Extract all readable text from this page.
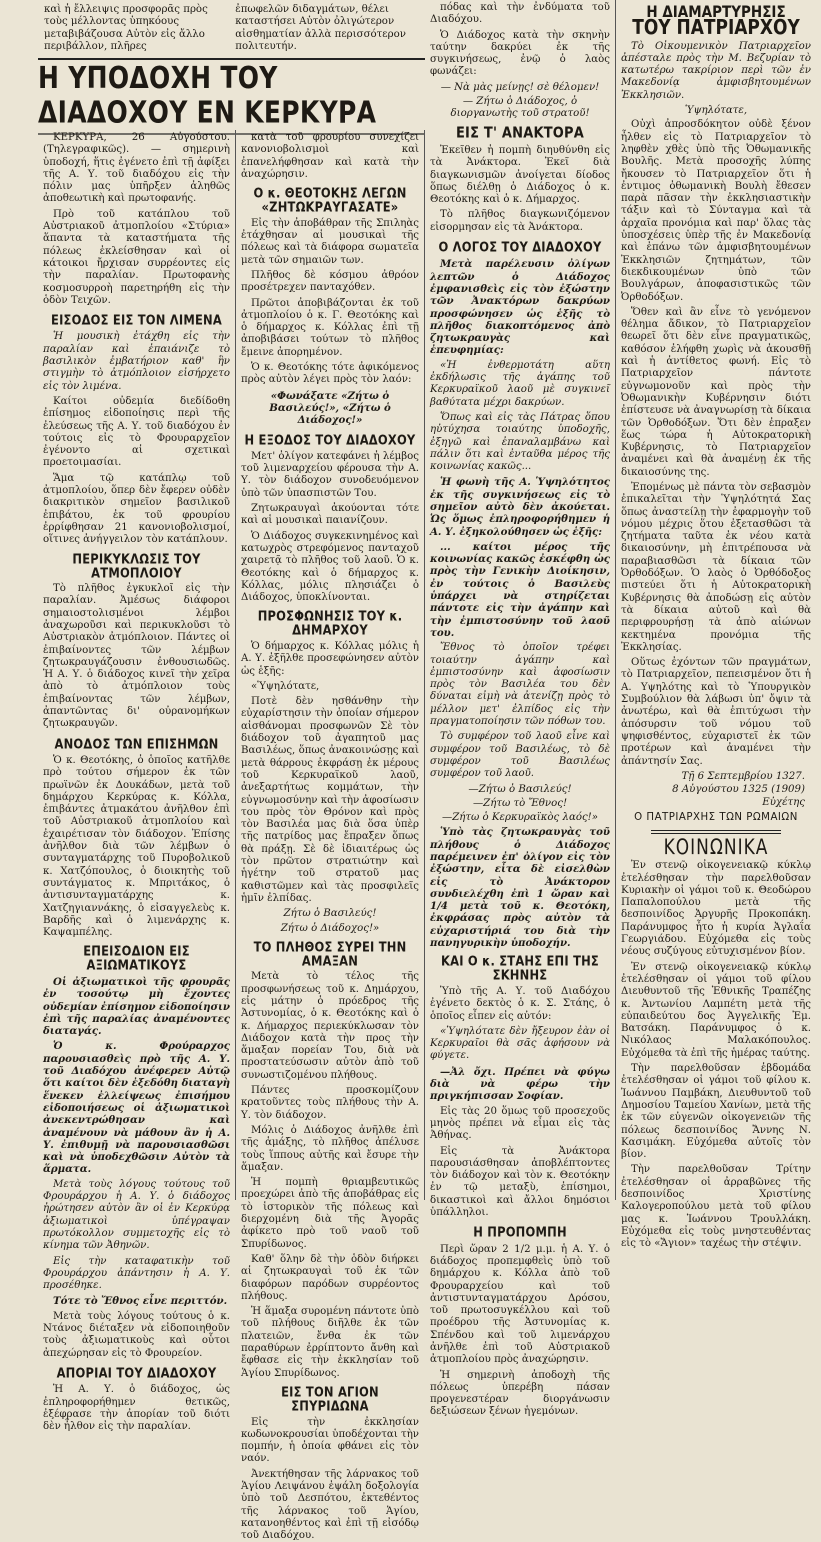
καὶ ἡ ἔλλειψις προσφορᾶς πρὸς τοὺς μέλλοντας ὑπηκόους μεταβιβάζουσα Αὐτὸν εἰς ἄλλο περιβάλλον, πλῆρεςἐπωφελῶν διδαγμάτων, θέλει καταστήσει Αὐτὸν ὀλιγώτερον αἰσθηματίαν ἀλλὰ περισσότερον πολιτευτήν.
Η ΥΠΟΔΟΧΗ ΤΟΥ ΔΙΑΔΟΧΟΥ ΕΝ ΚΕΡΚΥΡΑ

ΚΕΡΚΥΡΑ, 26 Αὐγούστου. (Τηλεγραφικῶς). — σημερινὴ ὑποδοχή, ἥτις ἐγένετο ἐπὶ τῇ ἀφίξει τῆς Α. Υ. τοῦ διαδόχου εἰς τὴν πόλιν μας ὑπῆρξεν ἀληθῶς ἀποθεωτικὴ καὶ πρωτοφανής.

Πρὸ τοῦ κατάπλου τοῦ Αὐστριακοῦ ἀτμοπλοίου «Στύρια» ἅπαντα τὰ καταστήματα τῆς πόλεως ἐκλείσθησαν καὶ οἱ κάτοικοι ἤρχισαν συρρέοντες εἰς τὴν παραλίαν. Πρωτοφανὴς κοσμοσυρροὴ παρετηρήθη εἰς τὴν ὁδὸν Τειχῶν.

ΕΙΣΟΔΟΣ ΕΙΣ ΤΟΝ ΛΙΜΕΝΑ

Ἡ μουσικὴ ἐτάχθη εἰς τὴν παραλίαν καὶ ἐπαιάνιζε τὸ βασιλικὸν ἐμβατήριον καθ' ἣν στιγμὴν τὸ ἀτμόπλοιον εἰσήρχετο εἰς τὸν λιμένα.

Καίτοι οὐδεμία διεδίδοθη ἐπίσημος εἰδοποίησις περὶ τῆς ἐλεύσεως τῆς Α. Υ. τοῦ διαδόχου ἐν τούτοις εἰς τὸ Φρουραρχεῖον ἐγένοντο αἱ σχετικαὶ προετοιμασίαι.

Ἅμα τῷ κατάπλῳ τοῦ ἀτμοπλοίου, ὅπερ δὲν ἔφερεν οὐδὲν διακριτικὸν σημεῖον βασιλικοῦ ἐπιβάτου, ἐκ τοῦ φρουρίου ἐρρίφθησαν 21 κανονιοβολισμοί, οἵτινες ἀνήγγειλον τὸν κατάπλουν.

ΠΕΡΙΚΥΚΛΩΣΙΣ ΤΟΥ ΑΤΜΟΠΛΟΙΟΥ

Τὸ πλῆθος ἐγκυκλοῖ εἰς τὴν παραλίαν. Ἀμέσως διάφοροι σημαιοστολισμένοι λέμβοι ἀναχωροῦσι καὶ περικυκλοῦσι τὸ Αὐστριακὸν ἀτμόπλοιον. Πάντες οἱ ἐπιβαίνοντες τῶν λέμβων ζητωκραυγάζουσιν ἐνθουσιωδῶς. Ἡ Α. Υ. ὁ διάδοχος κινεῖ τὴν χεῖρα ἀπὸ τὸ ἀτμόπλοιον τοὺς ἐπιβαίνοντας τῶν λέμβων, ἀπαντῶντας δι' οὐρανομήκων ζητωκραυγῶν.

ΑΝΟΔΟΣ ΤΩΝ ΕΠΙΣΗΜΩΝ

Ὁ κ. Θεοτόκης, ὁ ὁποῖος κατῆλθε πρὸ τούτου σήμερον ἐκ τῶν πρωϊνῶν ἐκ Δουκάδων, μετὰ τοῦ δημάρχου Κερκύρας κ. Κόλλα, ἐπιβάντες ἀτμακάτου ἀνῆλθον ἐπὶ τοῦ Αὐστριακοῦ ἀτμοπλοίου καὶ ἐχαιρέτισαν τὸν διάδοχον. Ἐπίσης ἀνῆλθον διὰ τῶν λέμβων ὁ συνταγματάρχης τοῦ Πυροβολικοῦ κ. Χατζόπουλος, ὁ διοικητὴς τοῦ συντάγματος κ. Μπριτάκος, ὁ ἀντισυνταγματάρχης κ. Χατζηγιαννάκης, ὁ εἰσαγγελεὺς κ. Βαρδῆς καὶ ὁ λιμενάρχης κ. Καψαμπέλης.

ΕΠΕΙΣΟΔΙΟΝ ΕΙΣ ΑΞΙΩΜΑΤΙΚΟΥΣ

Οἱ ἀξιωματικοὶ τῆς φρουρᾶς ἐν τοσούτῳ μὴ ἔχοντες οὐδεμίαν ἐπίσημον εἰδοποίησιν ἐπὶ τῆς παραλίας ἀναμένοντες διαταγάς.

Ὁ κ. Φρούραρχος παρουσιασθεὶς πρὸ τῆς Α. Υ. τοῦ Διαδόχου ἀνέφερεν Αὐτῷ ὅτι καίτοι δὲν ἐξεδόθη διαταγὴ ἕνεκεν ἐλλείψεως ἐπισήμου εἰδοποιήσεως οἱ ἀξιωματικοὶ ἀνεκεντρώθησαν καὶ ἀναμένουν νὰ μάθουν ἂν ἡ Α. Υ. ἐπιθυμῇ νὰ παρουσιασθῶσι καὶ νὰ ὑποδεχθῶσιν Αὐτὸν τὰ ἅρματα.

Μετὰ τοὺς λόγους τούτους τοῦ Φρουράρχου ἡ Α. Υ. ὁ διάδοχος ἠρώτησεν αὐτὸν ἂν οἱ ἐν Κερκύρᾳ ἀξιωματικοὶ ὑπέγραψαν πρωτόκολλον συμμετοχῆς εἰς τὸ κίνημα τῶν Ἀθηνῶν.

Εἰς τὴν καταφατικὴν τοῦ Φρουράρχου ἀπάντησιν ἡ Α. Υ. προσέθηκε.

Τότε τὸ Ἔθνος εἶνε περιττόν.

Μετὰ τοὺς λόγους τούτους ὁ κ. Ντάνος διέταξεν νὰ εἰδοποιηθοῦν τοὺς ἀξιωματικοὺς καὶ οὗτοι ἀπεχώρησαν εἰς τὸ Φρουρείον.

ΑΠΟΡΙΑΙ ΤΟΥ ΔΙΑΔΟΧΟΥ

Ἡ Α. Υ. ὁ διάδοχος, ὡς ἐπληροφορήθημεν θετικῶς, ἐξέφρασε τὴν ἀπορίαν τοῦ διότι δὲν ἦλθον εἰς τὴν παραλίαν.

κατὰ τοῦ φρουρίου συνεχίζει κανονιοβολισμοὶ καὶ ἐπανελήφθησαν καὶ κατὰ τὴν ἀναχώρησιν.

Ο κ. ΘΕΟΤΟΚΗΣ ΛΕΓΩΝ «ΖΗΤΩΚΡΑΥΓΑΣΑΤΕ»

Εἰς τὴν ἀποβάθραν τῆς Σπιληὰς ἐτάχθησαν αἱ μουσικαὶ τῆς πόλεως καὶ τὰ διάφορα σωματεῖα μετὰ τῶν σημαιῶν των.

Πλῆθος δὲ κόσμου ἀθρόον προσέτρεχεν πανταχόθεν.

Πρῶτοι ἀποβιβάζονται ἐκ τοῦ ἀτμοπλοίου ὁ κ. Γ. Θεοτόκης καὶ ὁ δήμαρχος κ. Κόλλας ἐπὶ τῇ ἀποβιβάσει τούτων τὸ πλῆθος ἔμεινε ἀπορημένον.

Ὁ κ. Θεοτόκης τότε ἀφικόμενος πρὸς αὐτὸν λέγει πρὸς τὸν λαόν:

«Φωνάξατε «Ζήτω ὁ Βασιλεύς!», «Ζήτω ὁ Διάδοχος!»
Η ΕΞΟΔΟΣ ΤΟΥ ΔΙΑΔΟΧΟΥ

Μετ' ὀλίγον κατεφάνει ἡ λέμβος τοῦ λιμεναρχείου φέρουσα τὴν Α. Υ. τὸν διάδοχον συνοδευόμενον ὑπὸ τῶν ὑπασπιστῶν Του.

Ζητωκραυγαὶ ἀκούονται τότε καὶ αἱ μουσικαὶ παιανίζουν.

Ὁ Διάδοχος συγκεκινημένος καὶ κατωχρὸς στρεφόμενος πανταχοῦ χαιρετᾷ τὸ πλῆθος τοῦ λαοῦ. Ὁ κ. Θεοτόκης καὶ ὁ δήμαρχος κ. Κόλλας, μόλις πλησιάζει ὁ Διάδοχος, ὑποκλίνονται.

ΠΡΟΣΦΩΝΗΣΙΣ ΤΟΥ κ. ΔΗΜΑΡΧΟΥ

Ὁ δήμαρχος κ. Κόλλας μόλις ἡ Α. Υ. ἐξῆλθε προσεφώνησεν αὐτὸν ὡς ἑξῆς:

«Ὑψηλότατε,

Ποτὲ δὲν ησθάνθην τὴν εὐχαρίστησιν τὴν ὁποίαν σήμερον αἰσθάνομαι προσφωνῶν Σὲ τὸν διάδοχον τοῦ ἀγαπητοῦ μας Βασιλέως, ὅπως ἀνακοινώσῃς καὶ μετὰ θάρρους ἐκφράσῃ ἐκ μέρους τοῦ Κερκυραϊκοῦ λαοῦ, ἀνεξαρτήτως κομμάτων, τὴν εὐγνωμοσύνην καὶ τὴν ἀφοσίωσιν του πρὸς τὸν Θρόνον καὶ πρὸς τὸν Βασιλέα μας διὰ ὅσα ὑπὲρ τῆς πατρίδος μας ἔπραξεν ὅπως θὰ πράξῃ. Σὲ δὲ ἰδιαιτέρως ὡς τὸν πρῶτον στρατιώτην καὶ ἡγέτην τοῦ στρατοῦ μας καθιστῶμεν καὶ τὰς προσφιλεῖς ἡμῖν ἐλπίδας.

Ζήτω ὁ Βασιλεύς!
Ζήτω ὁ Διάδοχος!»
ΤΟ ΠΛΗΘΟΣ ΣΥΡΕΙ ΤΗΝ ΑΜΑΞΑΝ

Μετὰ τὸ τέλος τῆς προσφωνήσεως τοῦ κ. Δημάρχου, εἰς μάτην ὁ πρόεδρος τῆς Ἀστυνομίας, ὁ κ. Θεοτόκης καὶ ὁ κ. Δήμαρχος περιεκύκλωσαν τὸν Διάδοχον κατὰ τὴν προς τὴν ἅμαξαν πορείαν Του, διὰ νὰ προστατεύσωσιν αὐτὸν ἀπὸ τοῦ συνωστιζομένου πλήθους.

Πάντες προσκομίζουν κρατοῦντες τοὺς πλήθους τὴν Α. Υ. τὸν διάδοχον.

Μόλις ὁ Διάδοχος ἀνῆλθε ἐπὶ τῆς ἁμάξης, τὸ πλῆθος ἀπέλυσε τοὺς ἵππους αὐτῆς καὶ ἔσυρε τὴν ἅμαξαν.

Ἡ πομπὴ θριαμβευτικῶς προεχώρει ἀπὸ τῆς ἀποβάθρας εἰς τὸ ἱστορικὸν τῆς πόλεως καὶ διερχομένη διὰ τῆς Ἀγορᾶς ἀφίκετο πρὸ τοῦ ναοῦ τοῦ Σπυρίδωνος.

Καθ' ὅλην δὲ τὴν ὁδὸν διήρκει αἱ ζητωκραυγαὶ τοῦ ἐκ τῶν διαφόρων παρόδων συρρέοντος πλήθους.

Ἡ ἅμαξα συρομένη πάντοτε ὑπὸ τοῦ πλήθους διῆλθε ἐκ τῶν πλατειῶν, ἔνθα ἐκ τῶν παραθύρων ἐρρίπτοντο ἄνθη καὶ ἔφθασε εἰς τὴν ἐκκλησίαν τοῦ Ἁγίου Σπυρίδωνος.

ΕΙΣ ΤΟΝ ΑΓΙΟΝ ΣΠΥΡΙΔΩΝΑ

Εἰς τὴν ἐκκλησίαν κωδωνοκρουσίαι ὑποδέχονται τὴν πομπήν, ἡ ὁποία φθάνει εἰς τὸν ναόν.

Ἀνεκτήθησαν τῆς λάρνακος τοῦ Ἁγίου Λειψάνου ἐψάλη δοξολογία ὑπὸ τοῦ Δεσπότου, ἐκτεθέντος τῆς λάρνακος τοῦ Ἁγίου, κατανοηθέντος καὶ ἐπὶ τῇ εἰσόδῳ τοῦ Διαδόχου.

πόδας καὶ τὴν ἐνδύματα τοῦ Διαδόχου.

Ὁ Διάδοχος κατὰ τὴν σκηνὴν ταύτην δακρύει ἐκ τῆς συγκινήσεως, ἐνῷ ὁ λαὸς φωνάζει:

— Νὰ μὰς μείνῃς! σὲ θέλομεν!
— Ζήτω ὁ Διάδοχος, ὁ διοργανωτὴς τοῦ στρατοῦ!
ΕΙΣ Τ' ΑΝΑΚΤΟΡΑ

Ἐκεῖθεν ἡ πομπὴ διηυθύνθη εἰς τὰ Ἀνάκτορα. Ἐκεῖ διὰ διαγκωνισμῶν ἀνοίγεται δίοδος ὅπως διέλθῃ ὁ Διάδοχος ὁ κ. Θεοτόκης καὶ ὁ κ. Δήμαρχος.

Τὸ πλῆθος διαγκωνιζόμενον εἰσορμησαν εἰς τὰ Ἀνάκτορα.

Ο ΛΟΓΟΣ ΤΟΥ ΔΙΑΔΟΧΟΥ

Μετὰ παρέλευσιν ὀλίγων λεπτῶν ὁ Διάδοχος ἐμφανισθεὶς εἰς τὸν ἐξώστην τῶν Ἀνακτόρων δακρύων προσφώνησεν ὡς ἑξῆς τὸ πλῆθος διακοπτόμενος ἀπὸ ζητωκραυγὰς καὶ ἐπευφημίας:

«Ἡ ἐνθερμοτάτη αὕτη ἐκδήλωσις τῆς ἀγάπης τοῦ Κερκυραϊκοῦ λαοῦ μὲ συγκινεῖ βαθύτατα μέχρι δακρύων.

Ὅπως καὶ εἰς τὰς Πάτρας ὅπου ηὐτύχησα τοιαύτης ὑποδοχῆς, ἐξηγῶ καὶ ἐπαναλαμβάνω καὶ πάλιν ὅτι καὶ ἐνταῦθα μέρος τῆς κοινωνίας κακῶς...

Ἡ φωνὴ τῆς Α. Ὑψηλότητος ἐκ τῆς συγκινήσεως εἰς τὸ σημεῖον αὐτὸ δὲν ἀκούεται. Ὡς ὅμως ἐπληροφορήθημεν ἡ Α. Υ. ἐξηκολούθησεν ὡς ἑξῆς:

... καίτοι μέρος τῆς κοινωνίας κακῶς ἐσκέφθη ὡς πρὸς τὴν Γενικὴν Διοίκησιν, ἐν τούτοις ὁ Βασιλεὺς ὑπάρχει νὰ στηρίζεται πάντοτε εἰς τὴν ἀγάπην καὶ τὴν ἐμπιστοσύνην τοῦ λαοῦ του.

Ἔθνος τὸ ὁποῖον τρέφει τοιαύτην ἀγάπην καὶ ἐμπιστοσύνην καὶ ἀφοσίωσιν πρὸς τὸν Βασιλέα του δὲν δύναται εἰμὴ νὰ ἀτενίζῃ πρὸς τὸ μέλλον μετ' ἐλπίδος εἰς τὴν πραγματοποίησιν τῶν πόθων του.

Τὸ συμφέρον τοῦ λαοῦ εἶνε καὶ συμφέρον τοῦ Βασιλέως, τὸ δὲ συμφέρον τοῦ Βασιλέως συμφέρον τοῦ λαοῦ.

—Ζήτω ὁ Βασιλεύς!
—Ζήτω τὸ Ἔθνος!
—Ζήτω ὁ Κερκυραϊκὸς λαός!»

Ὑπὸ τὰς ζητωκραυγὰς τοῦ πλήθους ὁ Διάδοχος παρέμεινεν ἐπ' ὀλίγον εἰς τὸν ἐξώστην, εἶτα δὲ εἰσελθὼν εἰς τὸ Ἀνάκτορον συνδιελέχθη ἐπὶ 1 ὥραν καὶ 1/4 μετὰ τοῦ κ. Θεοτόκη, ἐκφράσας πρὸς αὐτὸν τὰ εὐχαριστήριά του διὰ τὴν πανηγυρικὴν ὑποδοχήν.

ΚΑΙ Ο κ. ΣΤΑΗΣ ΕΠΙ ΤΗΣ ΣΚΗΝΗΣ

Ὑπὸ τῆς Α. Υ. τοῦ Διαδόχου ἐγένετο δεκτὸς ὁ κ. Σ. Στάης, ὁ ὁποῖος εἶπεν εἰς αὐτόν:

«Ὑψηλότατε δὲν ἤξευρον ἐὰν οἱ Κερκυραῖοι θὰ σᾶς ἀφήσουν νὰ φύγετε.

—Ἀλ ὄχι. Πρέπει νὰ φύγω διὰ νὰ φέρω τὴν πριγκήπισσαν Σοφίαν.

Εἰς τὰς 20 ὅμως τοῦ προσεχοῦς μηνὸς πρέπει νὰ εἶμαι εἰς τὰς Ἀθήνας.

Εἰς τὰ Ἀνάκτορα παρουσιάσθησαν ἀποβλέπτοντες τὸν διάδοχον καὶ τὸν κ. Θεοτόκην ἐν τῷ μεταξὺ, ἐπίσημοι, δικαστικοὶ καὶ ἄλλοι δημόσιοι ὑπάλληλοι.

Η ΠΡΟΠΟΜΠΗ

Περὶ ὥραν 2 1/2 μ.μ. ἡ Α. Υ. ὁ διάδοχος προπεμφθεὶς ὑπὸ τοῦ δημάρχου κ. Κόλλα ἀπὸ τοῦ Φρουραρχείου καὶ τοῦ ἀντιστυνταγματάρχου Δρόσου, τοῦ πρωτοσυγκέλλου καὶ τοῦ προέδρου τῆς Ἀστυνομίας κ. Σπένδου καὶ τοῦ λιμενάρχου ἀνῆλθε ἐπὶ τοῦ Αὐστριακοῦ ἀτμοπλοίου πρὸς ἀναχώρησιν.

Ἡ σημερινὴ ἀποδοχὴ τῆς πόλεως ὑπερέβη πάσαν προγενεστέραν διοργάνωσιν δεξιώσεων ξένων ἡγεμόνων.

Η ΔΙΑΜΑΡΤΥΡΗΣΙΣ
ΤΟΥ ΠΑΤΡΙΑΡΧΟΥ

Τὸ Οἰκουμενικὸν Πατριαρχεῖον ἀπέσταλε πρὸς τὴν Μ. Βεζυρίαν τὸ κατωτέρω τακρίριον περὶ τῶν ἐν Μακεδονίᾳ ἀμφισβητουμένων Ἐκκλησιῶν.

Ὑψηλότατε,

Οὐχὶ ἀπροσδόκητον οὐδὲ ξένον ἦλθεν εἰς τὸ Πατριαρχεῖον τὸ ληφθὲν χθὲς ὑπὸ τῆς Ὀθωμανικῆς Βουλῆς. Μετὰ προσοχῆς λύπης ἤκουσεν τὸ Πατριαρχεῖον ὅτι ἡ ἐντιμος ὀθωμανικὴ Βουλὴ ἔθεσεν παρὰ πᾶσαν τὴν ἐκκλησιαστικὴν τάξιν καὶ τὸ Σύνταγμα καὶ τὰ ἀρχαῖα προνόμια καὶ παρ' ὅλας τὰς ὑποσχέσεις ὑπὲρ τῆς ἐν Μακεδονίᾳ καὶ ἐπάνω τῶν ἀμφισβητουμένων Ἐκκλησιῶν ζητημάτων, τῶν διεκδικουμένων ὑπὸ τῶν Βουλγάρων, ἀποφασιστικῶς τῶν Ὀρθοδόξων.

Ὅθεν καὶ ἂν εἶνε τὸ γενόμενον θέλημα ἄδικον, τὸ Πατριαρχεῖον θεωρεῖ ὅτι δὲν εἶνε πραγματικῶς, καθόσον ἐλήφθη χωρὶς νὰ ἀκουσθῇ καὶ ἡ ἀντίθετος φωνή. Εἰς τὸ Πατριαρχεῖον πάντοτε εὐγνωμονοῦν καὶ πρὸς τὴν Ὀθωμανικὴν Κυβέρνησιν διότι ἐπίστευσε νὰ ἀναγνωρίσῃ τὰ δίκαια τῶν Ὀρθοδόξων. Ὅτι δὲν ἐπραξεν ἕως τώρα ἡ Αὐτοκρατορικὴ Κυβέρνησις, τὸ Πατριαρχεῖον ἀναμένει καὶ θὰ ἀναμένῃ ἐκ τῆς δικαιοσύνης της.

Ἐπομένως μὲ πάντα τὸν σεβασμὸν ἐπικαλεῖται τὴν Ὑψηλότητά Σας ὅπως ἀναστείλῃ τὴν ἐφαρμογὴν τοῦ νόμου μέχρις ὅτου ἐξετασθῶσι τὰ ζητήματα ταῦτα ἐκ νέου κατὰ δικαιοσύνην, μὴ ἐπιτρέπουσα νὰ παραβιασθῶσι τὰ δίκαια τῶν Ὀρθοδόξων. Ὁ λαὸς ὁ Ὀρθόδοξος πιστεύει ὅτι ἡ Αὐτοκρατορικὴ Κυβέρνησις θὰ ἀποδώσῃ εἰς αὐτὸν τὰ δίκαια αὐτοῦ καὶ θὰ περιφρουρήσῃ τὰ ἀπὸ αἰώνων κεκτημένα προνόμια τῆς Ἐκκλησίας.

Οὕτως ἐχόντων τῶν πραγμάτων, τὸ Πατριαρχεῖον, πεπεισμένον ὅτι ἡ Α. Υψηλότης καὶ τὸ Ὑπουργικὸν Συμβούλιον θὰ λάβωσι ὑπ' ὄψιν τὰ ἀνωτέρω, καὶ θὰ ἐπιτύχωσι τὴν ἀπόσυρσιν τοῦ νόμου τοῦ ψηφισθέντος, εὐχαριστεῖ ἐκ τῶν προτέρων καὶ ἀναμένει τὴν ἀπάντησίν Σας.

Τῇ 6 Σεπτεμβρίου 1327.
8 Αὐγούστου 1325 (1909)
Εὐχέτης
Ο ΠΑΤΡΙΑΡΧΗΣ ΤΩΝ ΡΩΜΑΙΩΝ
ΚΟΙΝΩΝΙΚΑ

Ἐν στενῷ οἰκογενειακῷ κύκλῳ ἐτελέσθησαν τὴν παρελθοῦσαν Κυριακὴν οἱ γάμοι τοῦ κ. Θεοδώρου Παπαλοπούλου μετὰ τῆς δεσποινίδος Ἀργυρῆς Προκοπάκη. Παράνυμφος ἦτο ἡ κυρία Ἀγλαΐα Γεωργιάδου. Εὐχόμεθα εἰς τοὺς νέους συζύγους εὐτυχισμένον βίον.

Ἐν στενῷ οἰκογενειακῷ κύκλῳ ἐτελέσθησαν οἱ γάμοι τοῦ φίλου Διευθυντοῦ τῆς Ἐθνικῆς Τραπέζης κ. Ἀντωνίου Λαμπέτη μετὰ τῆς εὐπαιδεύτου δος Ἀγγελικῆς Ἐμ. Βατσάκη. Παράνυμφος ὁ κ. Νικόλαος Μαλακόπουλος. Εὐχόμεθα τὰ ἐπὶ τῆς ἡμέρας ταύτης.

Τὴν παρελθοῦσαν ἑβδομάδα ἐτελέσθησαν οἱ γάμοι τοῦ φίλου κ. Ἰωάννου Παμβάκη, Διευθυντοῦ τοῦ Δημοσίου Ταμείου Χανίων, μετὰ τῆς ἐκ τῶν εὐγενῶν οἰκογενειῶν τῆς πόλεως δεσποινίδος Ἄννης Ν. Κασιμάκη. Εὐχόμεθα αὐτοῖς τὸν βίον.

Τὴν παρελθοῦσαν Τρίτην ἐτελέσθησαν οἱ ἀρραβῶνες τῆς δεσποινίδος Χριστίνης Καλογεροπούλου μετὰ τοῦ φίλου μας κ. Ἰωάννου Τρουλλάκη. Εὐχόμεθα εἰς τοὺς μνηστευθέντας εἰς τὸ «Ἄγιον» ταχέως τὴν στέψιν.
